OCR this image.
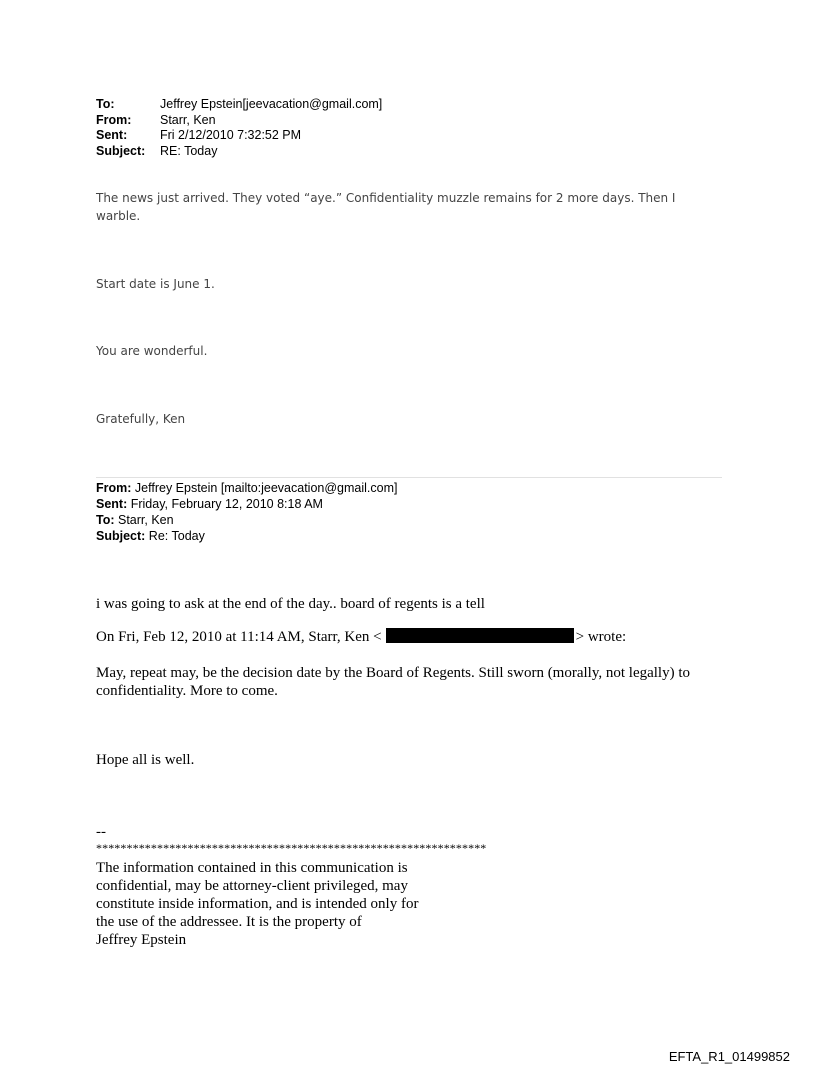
To:	Jeffrey Epstein[jeevacation@gmail.com]
From:	Starr, Ken
Sent:	Fri 2/12/2010 7:32:52 PM
Subject:	RE: Today
The news just arrived. They voted “aye.” Confidentiality muzzle remains for 2 more days. Then I warble.
Start date is June 1.
You are wonderful.
Gratefully, Ken
From: Jeffrey Epstein [mailto:jeevacation@gmail.com]
Sent: Friday, February 12, 2010 8:18 AM
To: Starr, Ken
Subject: Re: Today
i was going to ask at the end of the day.. board of regents is a tell
On Fri, Feb 12, 2010 at 11:14 AM, Starr, Ken <	> wrote:
May, repeat may, be the decision date by the Board of Regents. Still sworn (morally, not legally) to confidentiality. More to come.
Hope all is well.
--
****************************************************************
The information contained in this communication is
confidential, may be attorney-client privileged, may
constitute inside information, and is intended only for
the use of the addressee. It is the property of
Jeffrey Epstein
EFTA_R1_01499852
